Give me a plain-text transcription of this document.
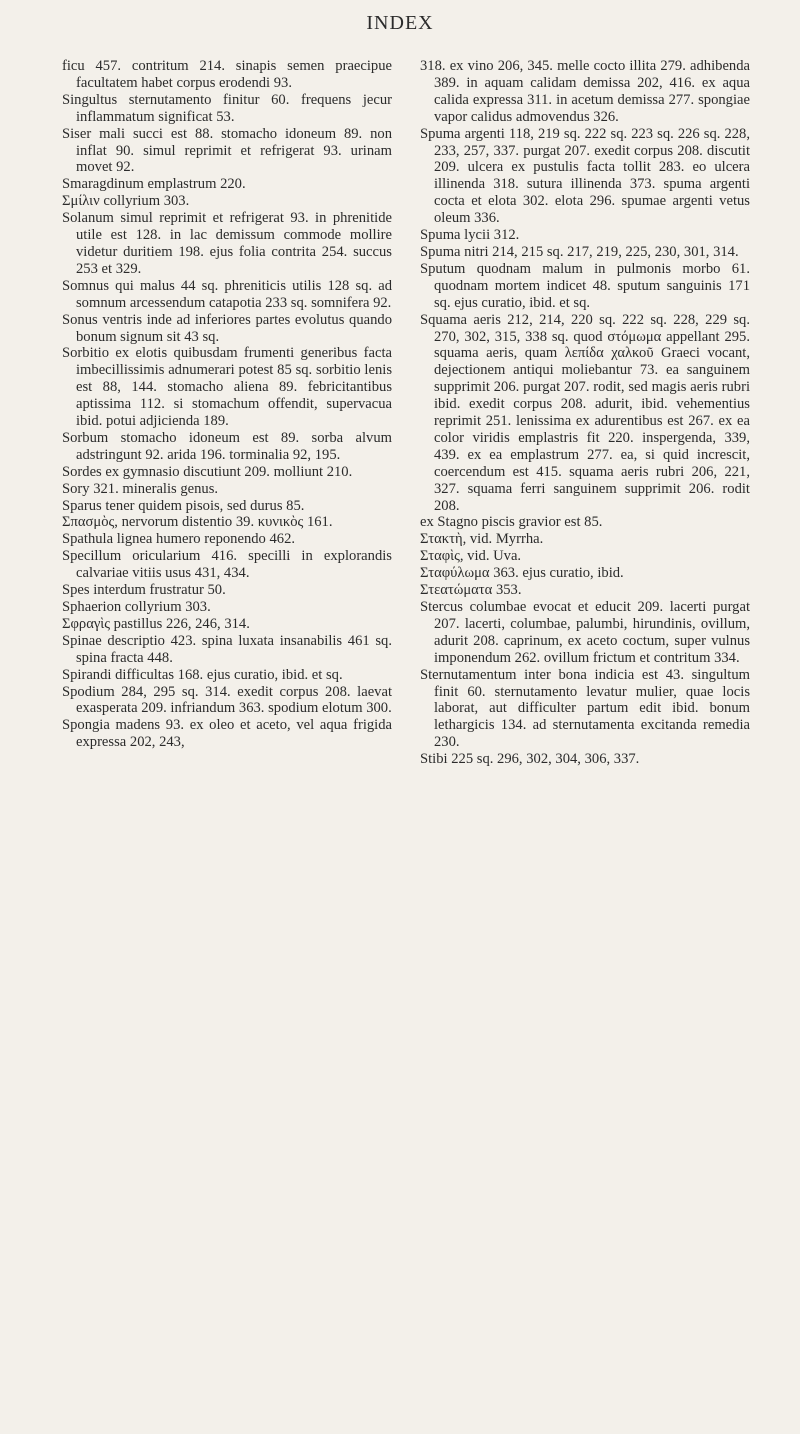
INDEX
ficu 457. contritum 214. sinapis semen praecipue facultatem habet corpus erodendi 93.
Singultus sternutamento finitur 60. frequens jecur inflammatum significat 53.
Siser mali succi est 88. stomacho idoneum 89. non inflat 90. simul reprimit et refrigerat 93. urinam movet 92.
Smaragdinum emplastrum 220.
Σμίλιν collyrium 303.
Solanum simul reprimit et refrigerat 93. in phrenitide utile est 128. in lac demissum commode mollire videtur duritiem 198. ejus folia contrita 254. succus 253 et 329.
Somnus qui malus 44 sq. phreniticis utilis 128 sq. ad somnum arcessendum catapotia 233 sq. somnifera 92.
Sonus ventris inde ad inferiores partes evolutus quando bonum signum sit 43 sq.
Sorbitio ex elotis quibusdam frumenti generibus facta imbecillissimis adnumerari potest 85 sq. sorbitio lenis est 88, 144. stomacho aliena 89. febricitantibus aptissima 112. si stomachum offendit, supervacua ibid. potui adjicienda 189.
Sorbum stomacho idoneum est 89. sorba alvum adstringunt 92. arida 196. torminalia 92, 195.
Sordes ex gymnasio discutiunt 209. molliunt 210.
Sory 321. mineralis genus.
Sparus tener quidem pisois, sed durus 85.
Σπασμὸς, nervorum distentio 39. κυνικὸς 161.
Spathula lignea humero reponendo 462.
Specillum oricularium 416. specilli in explorandis calvariae vitiis usus 431, 434.
Spes interdum frustratur 50.
Sphaerion collyrium 303.
Σφραγὶς pastillus 226, 246, 314.
Spinae descriptio 423. spina luxata insanabilis 461 sq. spina fracta 448.
Spirandi difficultas 168. ejus curatio, ibid. et sq.
Spodium 284, 295 sq. 314. exedit corpus 208. laevat exasperata 209. infriandum 363. spodium elotum 300.
Spongia madens 93. ex oleo et aceto, vel aqua frigida expressa 202, 243,
318. ex vino 206, 345. melle cocto illita 279. adhibenda 389. in aquam calidam demissa 202, 416. ex aqua calida expressa 311. in acetum demissa 277. spongiae vapor calidus admovendus 326.
Spuma argenti 118, 219 sq. 222 sq. 223 sq. 226 sq. 228, 233, 257, 337. purgat 207. exedit corpus 208. discutit 209. ulcera ex pustulis facta tollit 283. eo ulcera illinenda 318. sutura illinenda 373. spuma argenti cocta et elota 302. elota 296. spumae argenti vetus oleum 336.
Spuma lycii 312.
Spuma nitri 214, 215 sq. 217, 219, 225, 230, 301, 314.
Sputum quodnam malum in pulmonis morbo 61. quodnam mortem indicet 48. sputum sanguinis 171 sq. ejus curatio, ibid. et sq.
Squama aeris 212, 214, 220 sq. 222 sq. 228, 229 sq. 270, 302, 315, 338 sq. quod στόμωμα appellant 295. squama aeris, quam λεπίδα χαλκοῦ Graeci vocant, dejectionem antiqui moliebantur 73. ea sanguinem supprimit 206. purgat 207. rodit, sed magis aeris rubri ibid. exedit corpus 208. adurit, ibid. vehementius reprimit 251. lenissima ex adurentibus est 267. ex ea color viridis emplastris fit 220. inspergenda, 339, 439. ex ea emplastrum 277. ea, si quid increscit, coercendum est 415. squama aeris rubri 206, 221, 327. squama ferri sanguinem supprimit 206. rodit 208.
ex Stagno piscis gravior est 85.
Στακτὴ, vid. Myrrha.
Σταφὶς, vid. Uva.
Σταφύλωμα 363. ejus curatio, ibid.
Στεατώματα 353.
Stercus columbae evocat et educit 209. lacerti purgat 207. lacerti, columbae, palumbi, hirundinis, ovillum, adurit 208. caprinum, ex aceto coctum, super vulnus imponendum 262. ovillum frictum et contritum 334.
Sternutamentum inter bona indicia est 43. singultum finit 60. sternutamento levatur mulier, quae locis laborat, aut difficulter partum edit ibid. bonum lethargicis 134. ad sternutamenta excitanda remedia 230.
Stibi 225 sq. 296, 302, 304, 306, 337.
